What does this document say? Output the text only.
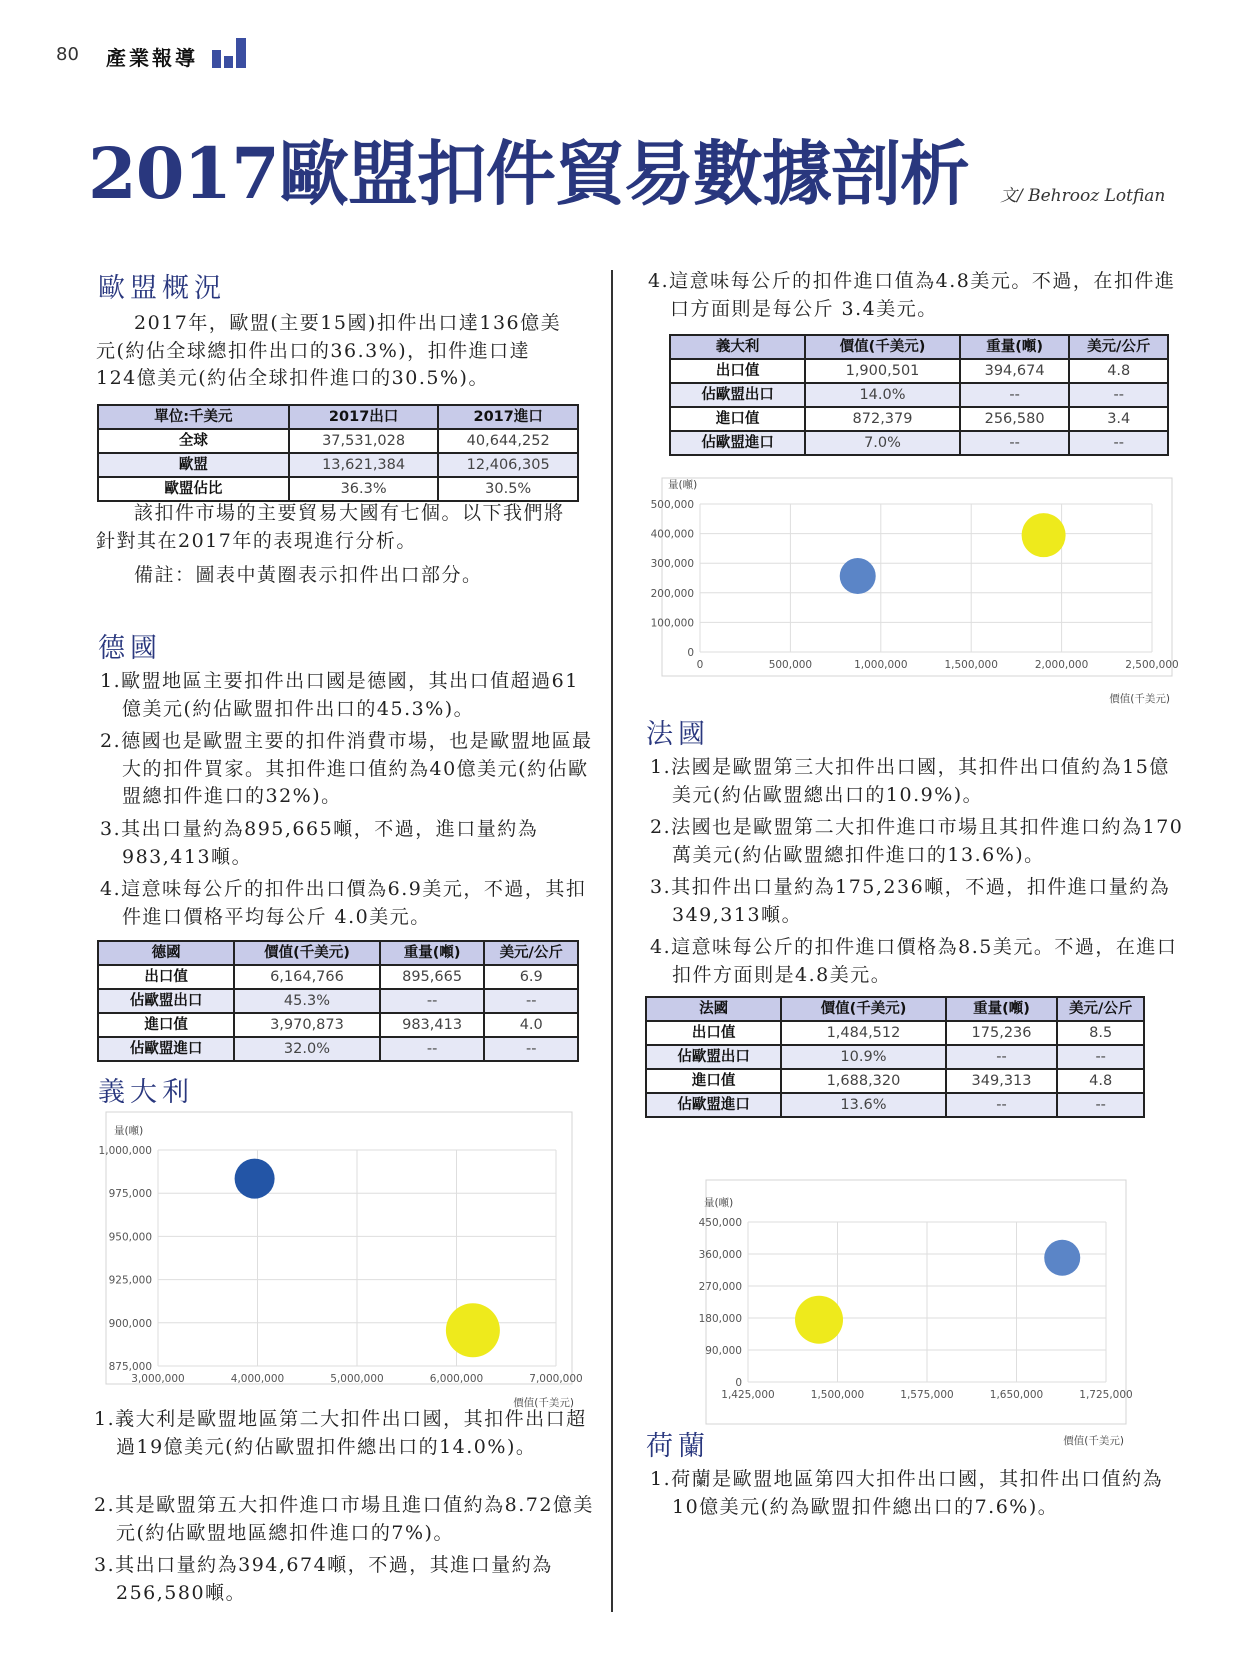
80 產業報導
2017歐盟扣件貿易數據剖析 文/ Behrooz Lotfian
歐盟概況

2017年，歐盟(主要15國)扣件出口達136億美元(約佔全球總扣件出口的36.3%)，扣件進口達124億美元(約佔全球扣件進口的30.5%)。

單位:千美元	2017出口	2017進口
全球	37,531,028	40,644,252
歐盟	13,621,384	12,406,305
歐盟佔比	36.3%	30.5%

該扣件市場的主要貿易大國有七個。以下我們將針對其在2017年的表現進行分析。

備註：圖表中黃圈表示扣件出口部分。

德國

1.歐盟地區主要扣件出口國是德國，其出口值超過61億美元(約佔歐盟扣件出口的45.3%)。

2.德國也是歐盟主要的扣件消費市場，也是歐盟地區最大的扣件買家。其扣件進口值約為40億美元(約佔歐盟總扣件進口的32%)。

3.其出口量約為895,665噸，不過，進口量約為983,413噸。

4.這意味每公斤的扣件出口價為6.9美元，不過，其扣件進口價格平均每公斤 4.0美元。

德國	價值(千美元)	重量(噸)	美元/公斤
出口值	6,164,766	895,665	6.9
佔歐盟出口	45.3%	--	--
進口值	3,970,873	983,413	4.0
佔歐盟進口	32.0%	--	--
義大利
3,000,000	4,000,000	5,000,000	6,000,000	7,000,000
1,000,000
975,000
950,000
925,000
900,000
875,000
量(噸)
價值(千美元)

1.義大利是歐盟地區第二大扣件出口國，其扣件出口超過19億美元(約佔歐盟扣件總出口的14.0%)。

2.其是歐盟第五大扣件進口市場且進口值約為8.72億美元(約佔歐盟地區總扣件進口的7%)。

3.其出口量約為394,674噸，不過，其進口量約為256,580噸。

4.這意味每公斤的扣件進口值為4.8美元。不過，在扣件進口方面則是每公斤 3.4美元。

義大利	價值(千美元)	重量(噸)	美元/公斤
出口值	1,900,501	394,674	4.8
佔歐盟出口	14.0%	--	--
進口值	872,379	256,580	3.4
佔歐盟進口	7.0%	--	--
0	500,000	1,000,000	1,500,000	2,000,000	2,500,000
500,000
400,000
300,000
200,000
100,000
0
量(噸)
價值(千美元)
法國

1.法國是歐盟第三大扣件出口國，其扣件出口值約為15億美元(約佔歐盟總出口的10.9%)。

2.法國也是歐盟第二大扣件進口市場且其扣件進口約為170萬美元(約佔歐盟總扣件進口的13.6%)。

3.其扣件出口量約為175,236噸，不過，扣件進口量約為 349,313噸。

4.這意味每公斤的扣件進口價格為8.5美元。不過，在進口扣件方面則是4.8美元。

法國	價值(千美元)	重量(噸)	美元/公斤
出口值	1,484,512	175,236	8.5
佔歐盟出口	10.9%	--	--
進口值	1,688,320	349,313	4.8
佔歐盟進口	13.6%	--	--
1,425,000	1,500,000	1,575,000	1,650,000	1,725,000
450,000
360,000
270,000
180,000
90,000
0
量(噸)
價值(千美元)
荷蘭

1.荷蘭是歐盟地區第四大扣件出口國，其扣件出口值約為10億美元(約為歐盟扣件總出口的7.6%)。
